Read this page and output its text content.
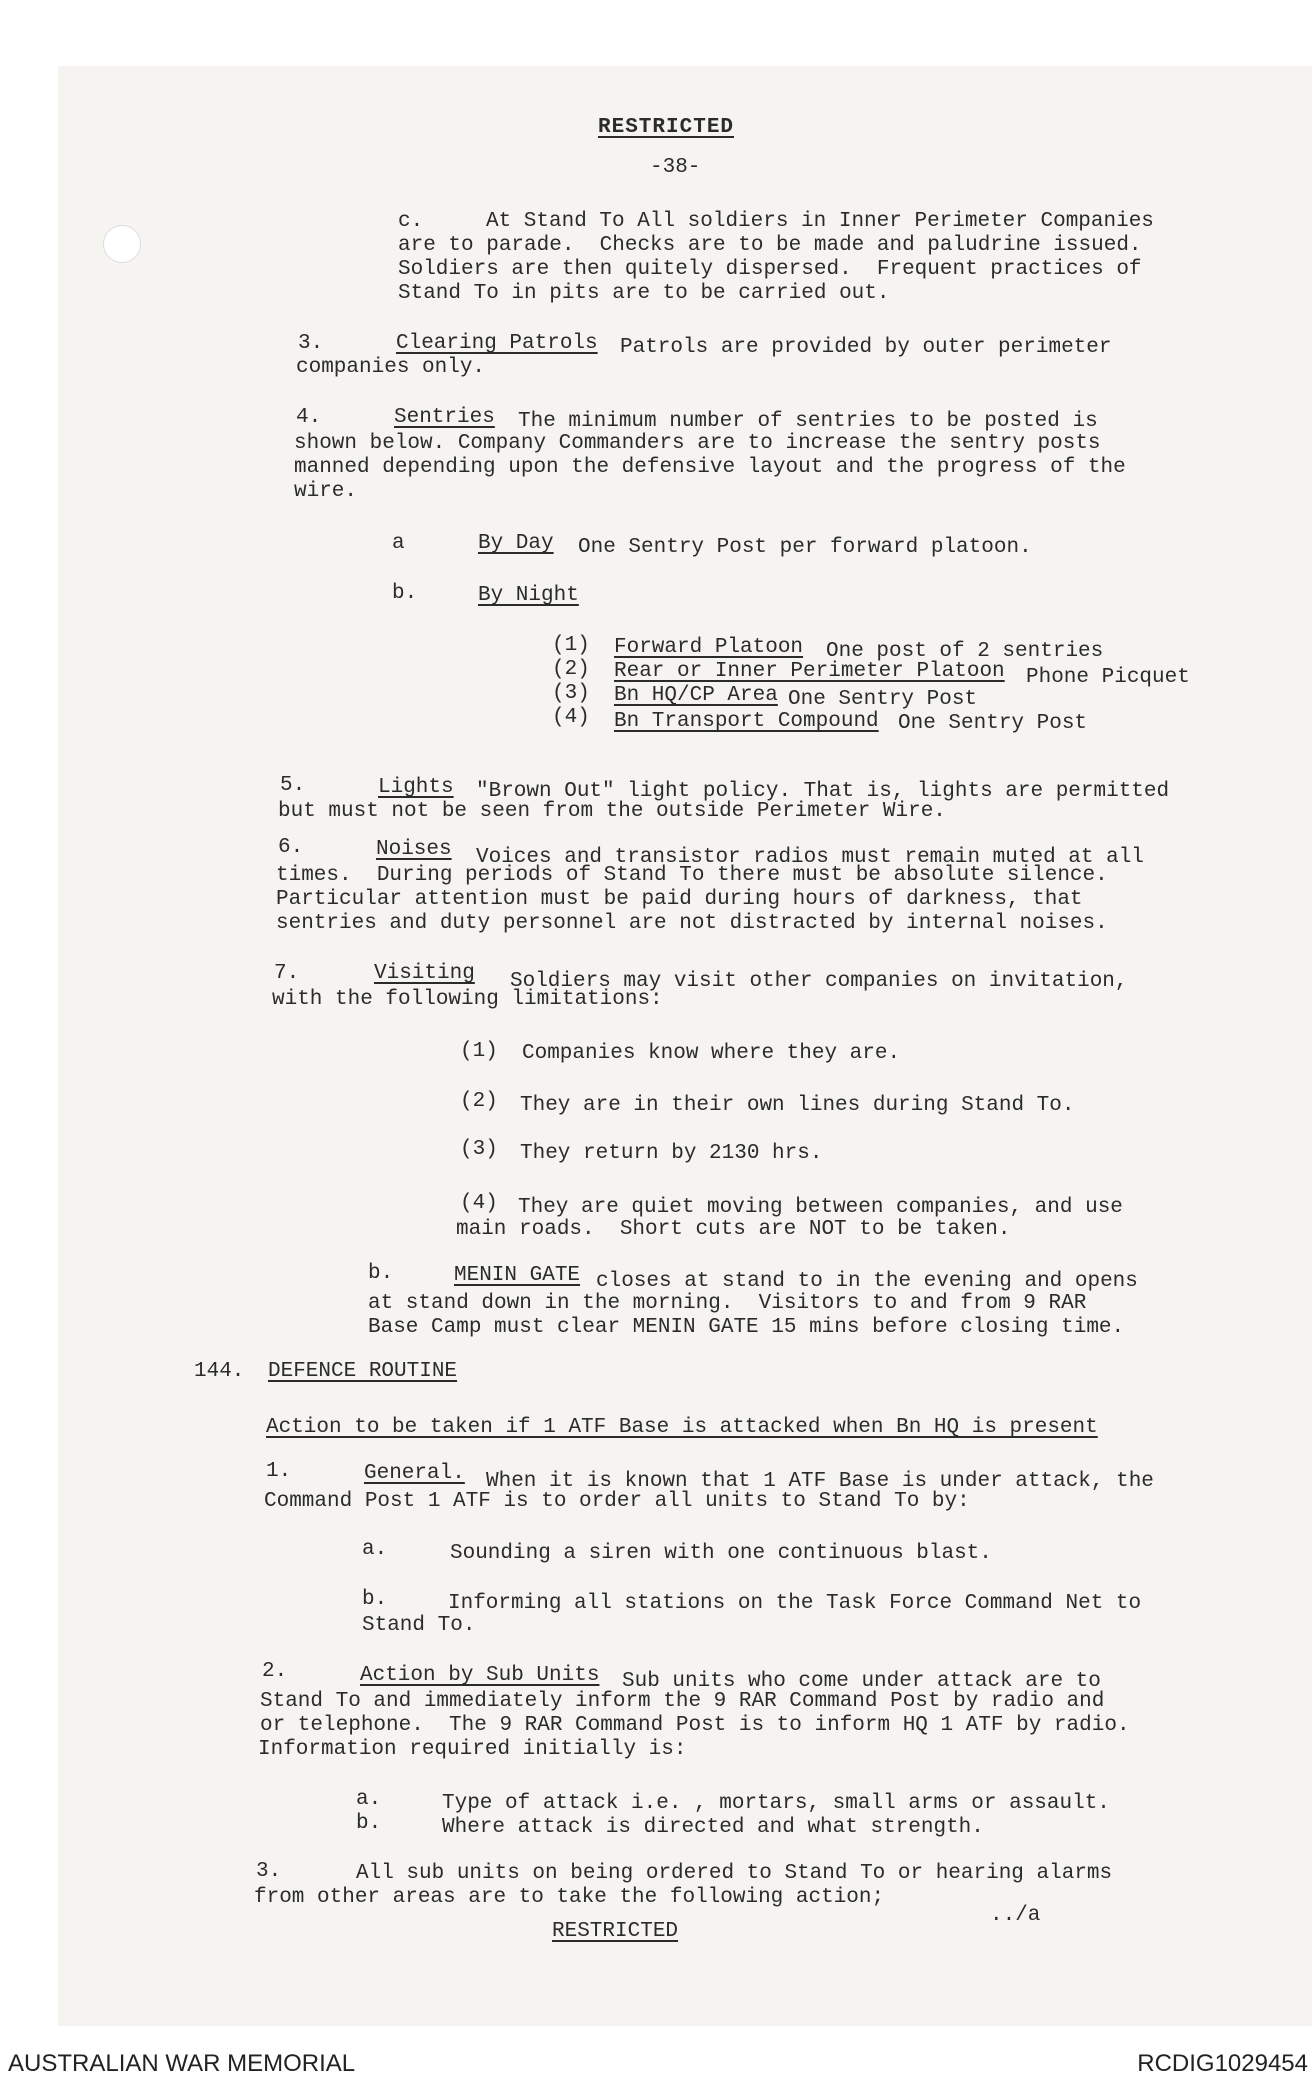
RESTRICTED
-38-
c.	At Stand To All soldiers in Inner Perimeter Companies
are to parade.  Checks are to be made and paludrine issued.
Soldiers are then quitely dispersed.  Frequent practices of
Stand To in pits are to be carried out.
3.	Clearing Patrols Patrols are provided by outer perimeter
companies only.
4.	Sentries The minimum number of sentries to be posted is
shown below. Company Commanders are to increase the sentry posts
manned depending upon the defensive layout and the progress of the
wire.
a	By Day One Sentry Post per forward platoon.
b.	By Night
(1) Forward Platoon One post of 2 sentries
(2) Rear or Inner Perimeter Platoon Phone Picquet
(3) Bn HQ/CP Area One Sentry Post
(4) Bn Transport Compound One Sentry Post
5.	Lights "Brown Out" light policy. That is, lights are permitted
but must not be seen from the outside Perimeter Wire.
6.	Noises Voices and transistor radios must remain muted at all
times.  During periods of Stand To there must be absolute silence.
Particular attention must be paid during hours of darkness, that
sentries and duty personnel are not distracted by internal noises.
7.	Visiting Soldiers may visit other companies on invitation,
with the following limitations:
(1) Companies know where they are.
(2) They are in their own lines during Stand To.
(3) They return by 2130 hrs.
(4) They are quiet moving between companies, and use
main roads.  Short cuts are NOT to be taken.
b.	MENIN GATE closes at stand to in the evening and opens
at stand down in the morning.  Visitors to and from 9 RAR
Base Camp must clear MENIN GATE 15 mins before closing time.
144. DEFENCE ROUTINE
Action to be taken if 1 ATF Base is attacked when Bn HQ is present
1.	General. When it is known that 1 ATF Base is under attack, the
Command Post 1 ATF is to order all units to Stand To by:
a.	Sounding a siren with one continuous blast.
b.	Informing all stations on the Task Force Command Net to
Stand To.
2.	Action by Sub Units Sub units who come under attack are to
Stand To and immediately inform the 9 RAR Command Post by radio and
or telephone.  The 9 RAR Command Post is to inform HQ 1 ATF by radio.
Information required initially is:
a.	Type of attack i.e. , mortars, small arms or assault.
b.	Where attack is directed and what strength.
3.	All sub units on being ordered to Stand To or hearing alarms
from other areas are to take the following action;
../a
RESTRICTED
AUSTRALIAN WAR MEMORIAL	RCDIG1029454
